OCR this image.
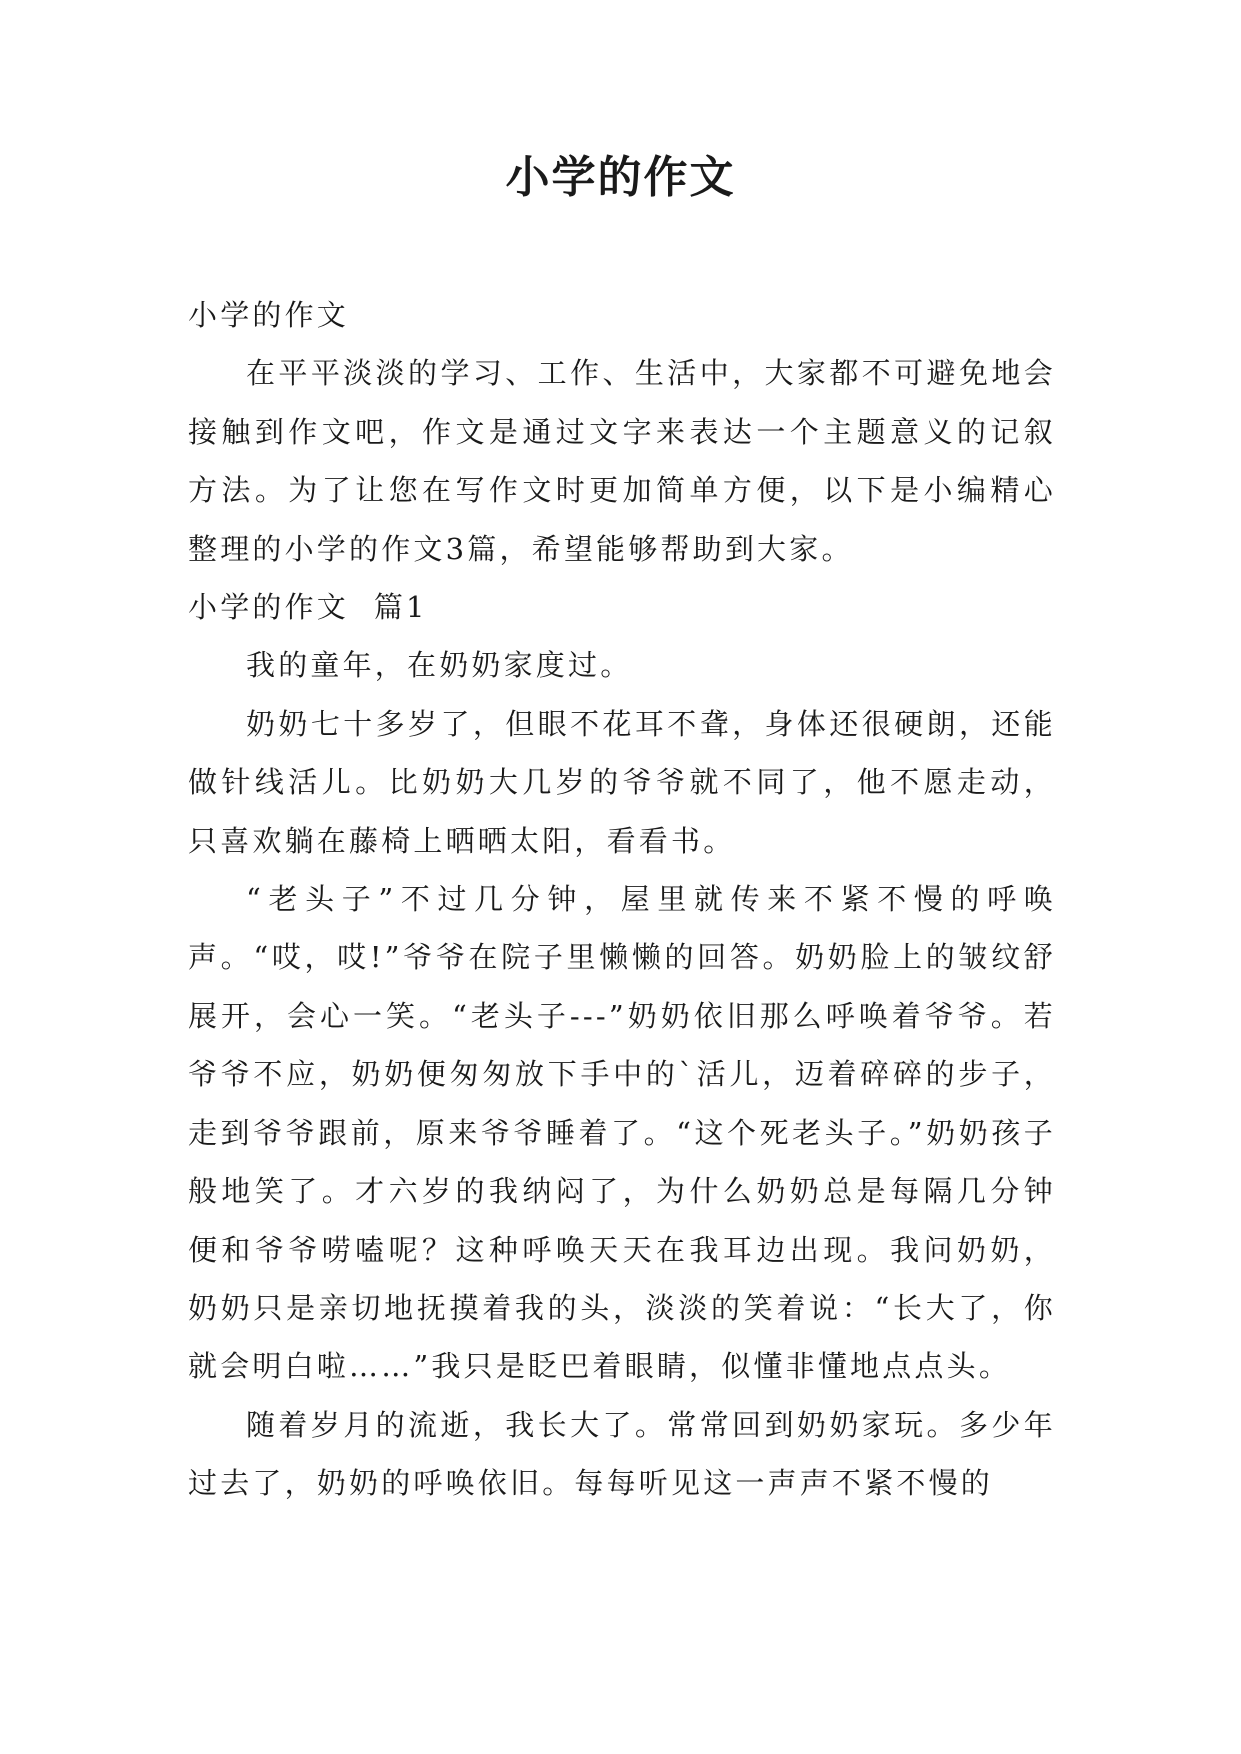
小学的作文

小学的作文

在平平淡淡的学习、工作、生活中，大家都不可避免地会接触到作文吧，作文是通过文字来表达一个主题意义的记叙方法。为了让您在写作文时更加简单方便，以下是小编精心整理的小学的作文3篇，希望能够帮助到大家。

小学的作文  篇1

我的童年，在奶奶家度过。

奶奶七十多岁了，但眼不花耳不聋，身体还很硬朗，还能做针线活儿。比奶奶大几岁的爷爷就不同了，他不愿走动，只喜欢躺在藤椅上晒晒太阳，看看书。

“老头子”不过几分钟，屋里就传来不紧不慢的呼唤声。“哎，哎!”爷爷在院子里懒懒的回答。奶奶脸上的皱纹舒展开，会心一笑。“老头子---”奶奶依旧那么呼唤着爷爷。若爷爷不应，奶奶便匆匆放下手中的`活儿，迈着碎碎的步子，走到爷爷跟前，原来爷爷睡着了。“这个死老头子。”奶奶孩子般地笑了。才六岁的我纳闷了，为什么奶奶总是每隔几分钟便和爷爷唠嗑呢？这种呼唤天天在我耳边出现。我问奶奶，奶奶只是亲切地抚摸着我的头，淡淡的笑着说：“长大了，你就会明白啦……”我只是眨巴着眼睛，似懂非懂地点点头。

随着岁月的流逝，我长大了。常常回到奶奶家玩。多少年过去了，奶奶的呼唤依旧。每每听见这一声声不紧不慢的
